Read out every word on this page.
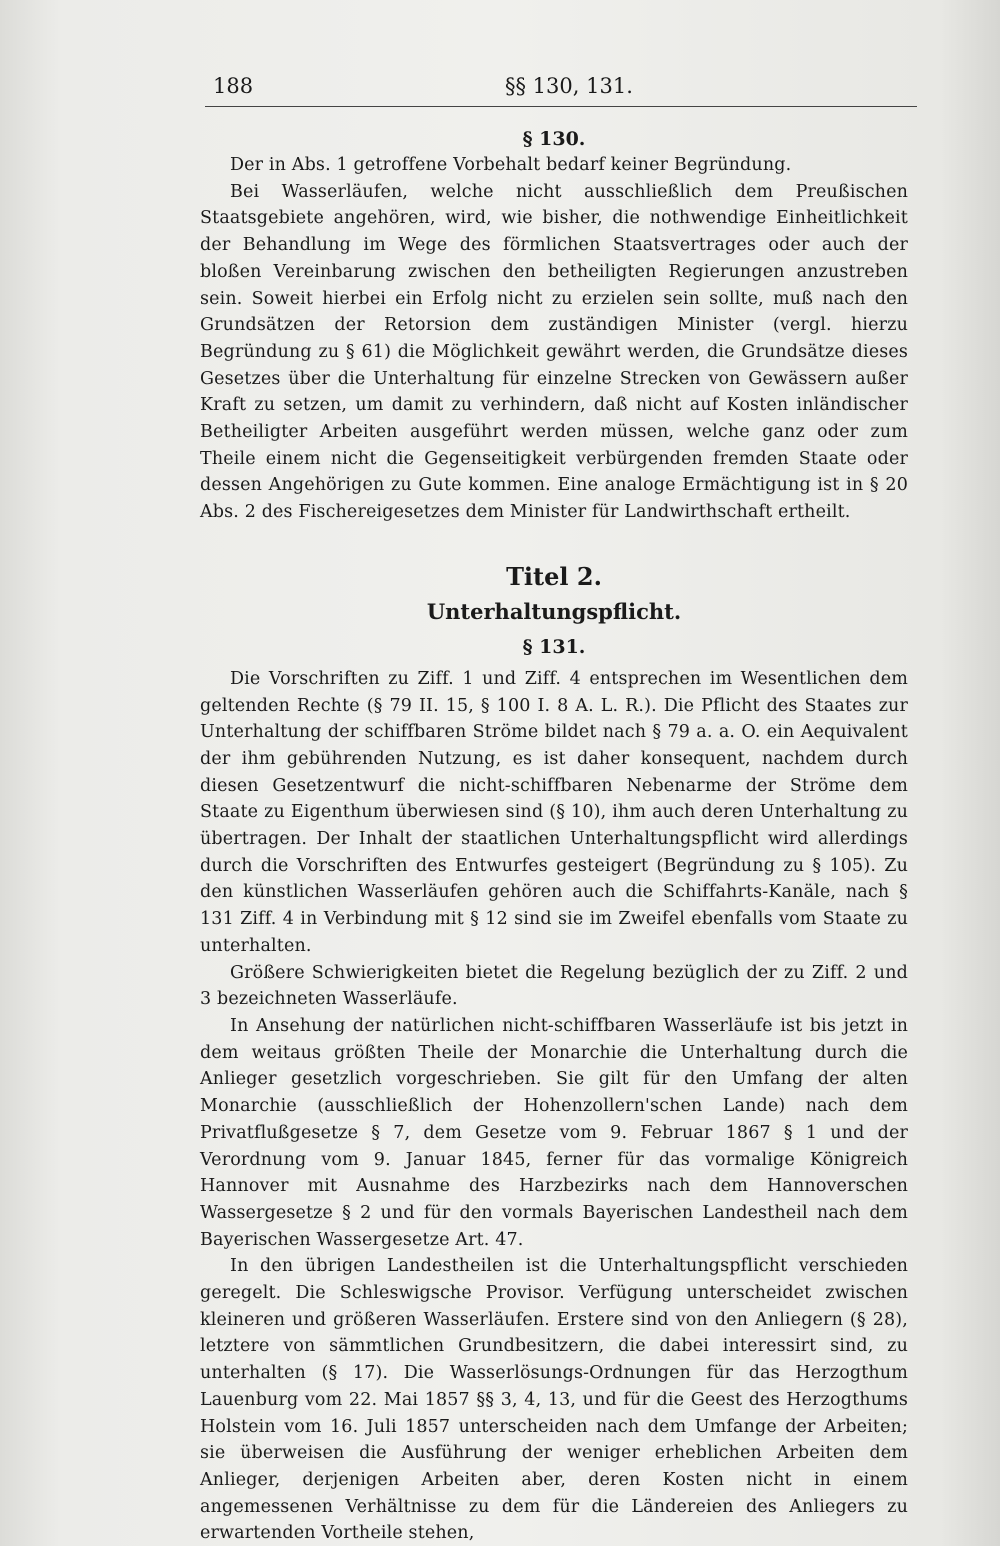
188	§§ 130, 131.
§ 130.

Der in Abs. 1 getroffene Vorbehalt bedarf keiner Begründung.

Bei Wasserläufen, welche nicht ausschließlich dem Preußischen Staatsgebiete angehören, wird, wie bisher, die nothwendige Einheitlichkeit der Behandlung im Wege des förmlichen Staatsvertrages oder auch der bloßen Vereinbarung zwischen den betheiligten Regierungen anzustreben sein. Soweit hierbei ein Erfolg nicht zu erzielen sein sollte, muß nach den Grundsätzen der Retorsion dem zuständigen Minister (vergl. hierzu Begründung zu § 61) die Möglichkeit gewährt werden, die Grundsätze dieses Gesetzes über die Unterhaltung für einzelne Strecken von Gewässern außer Kraft zu setzen, um damit zu verhindern, daß nicht auf Kosten inländischer Betheiligter Arbeiten ausgeführt werden müssen, welche ganz oder zum Theile einem nicht die Gegenseitigkeit verbürgenden fremden Staate oder dessen Angehörigen zu Gute kommen. Eine analoge Ermächtigung ist in § 20 Abs. 2 des Fischereigesetzes dem Minister für Landwirthschaft ertheilt.

Titel 2.
Unterhaltungspflicht.
§ 131.

Die Vorschriften zu Ziff. 1 und Ziff. 4 entsprechen im Wesentlichen dem geltenden Rechte (§ 79 II. 15, § 100 I. 8 A. L. R.). Die Pflicht des Staates zur Unterhaltung der schiffbaren Ströme bildet nach § 79 a. a. O. ein Aequivalent der ihm gebührenden Nutzung, es ist daher konsequent, nachdem durch diesen Gesetzentwurf die nicht-schiffbaren Nebenarme der Ströme dem Staate zu Eigenthum überwiesen sind (§ 10), ihm auch deren Unterhaltung zu übertragen. Der Inhalt der staatlichen Unterhaltungspflicht wird allerdings durch die Vorschriften des Entwurfes gesteigert (Begründung zu § 105). Zu den künstlichen Wasserläufen gehören auch die Schiffahrts-Kanäle, nach § 131 Ziff. 4 in Verbindung mit § 12 sind sie im Zweifel ebenfalls vom Staate zu unterhalten.

Größere Schwierigkeiten bietet die Regelung bezüglich der zu Ziff. 2 und 3 bezeichneten Wasserläufe.

In Ansehung der natürlichen nicht-schiffbaren Wasserläufe ist bis jetzt in dem weitaus größten Theile der Monarchie die Unterhaltung durch die Anlieger gesetzlich vorgeschrieben. Sie gilt für den Umfang der alten Monarchie (ausschließlich der Hohenzollern'schen Lande) nach dem Privatflußgesetze § 7, dem Gesetze vom 9. Februar 1867 § 1 und der Verordnung vom 9. Januar 1845, ferner für das vormalige Königreich Hannover mit Ausnahme des Harzbezirks nach dem Hannoverschen Wassergesetze § 2 und für den vormals Bayerischen Landestheil nach dem Bayerischen Wassergesetze Art. 47.

In den übrigen Landestheilen ist die Unterhaltungspflicht verschieden geregelt. Die Schleswigsche Provisor. Verfügung unterscheidet zwischen kleineren und größeren Wasserläufen. Erstere sind von den Anliegern (§ 28), letztere von sämmtlichen Grundbesitzern, die dabei interessirt sind, zu unterhalten (§ 17). Die Wasserlösungs-Ordnungen für das Herzogthum Lauenburg vom 22. Mai 1857 §§ 3, 4, 13, und für die Geest des Herzogthums Holstein vom 16. Juli 1857 unterscheiden nach dem Umfange der Arbeiten; sie überweisen die Ausführung der weniger erheblichen Arbeiten dem Anlieger, derjenigen Arbeiten aber, deren Kosten nicht in einem angemessenen Verhältnisse zu dem für die Ländereien des Anliegers zu erwartenden Vortheile stehen,
